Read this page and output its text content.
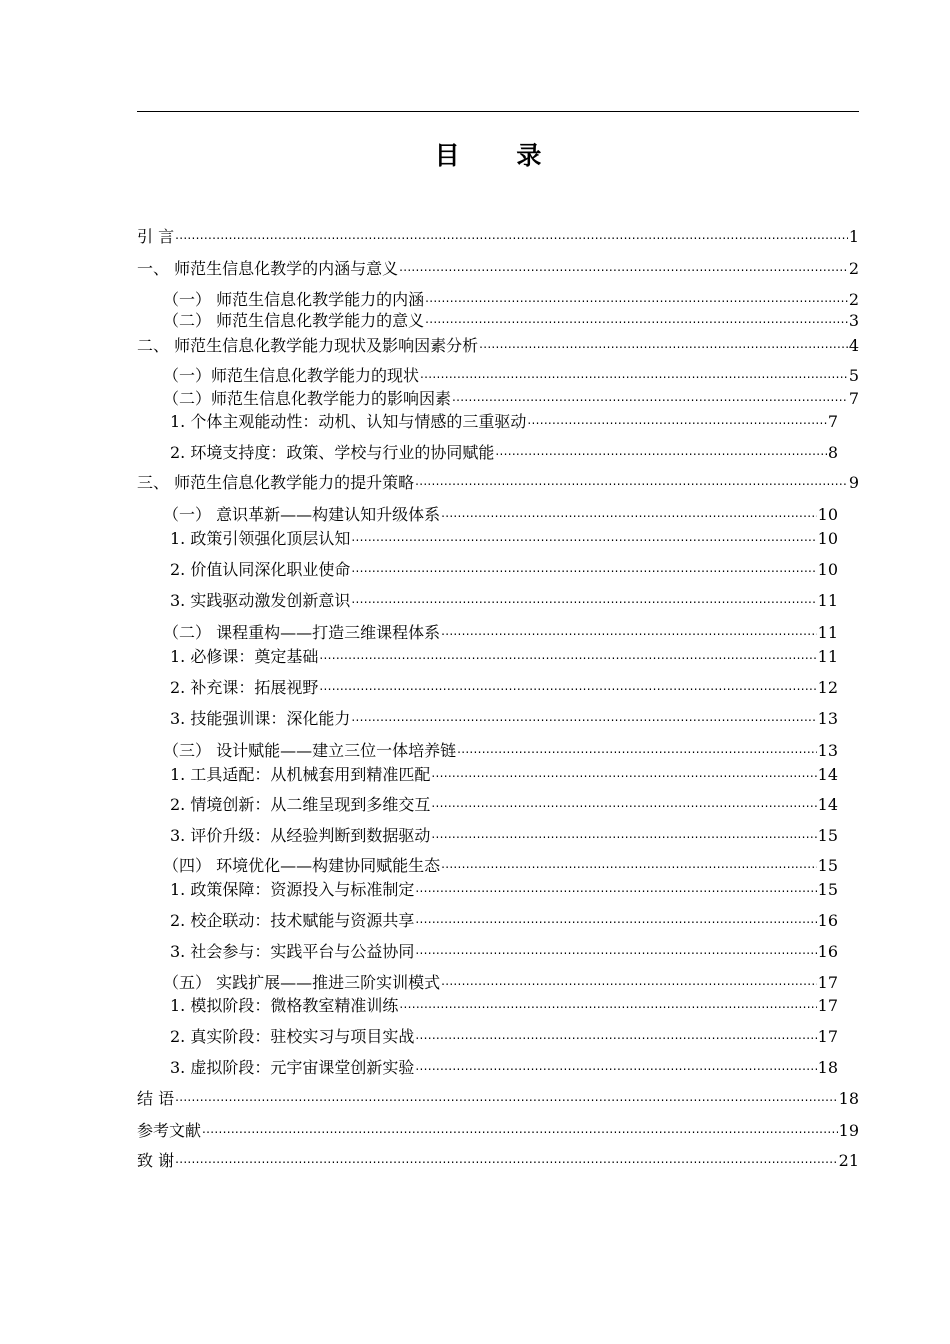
目 录
引 言 .....	1
一、 师范生信息化教学的内涵与意义 .....	2
（一） 师范生信息化教学能力的内涵 .....	2
（二） 师范生信息化教学能力的意义 .....	3
二、 师范生信息化教学能力现状及影响因素分析 .....	4
（一）师范生信息化教学能力的现状 .....	5
（二）师范生信息化教学能力的影响因素 .....	7
1. 个体主观能动性：动机、认知与情感的三重驱动 .....	7
2. 环境支持度：政策、学校与行业的协同赋能 .....	8
三、 师范生信息化教学能力的提升策略 .....	9
（一） 意识革新——构建认知升级体系 .....	10
1. 政策引领强化顶层认知 .....	10
2. 价值认同深化职业使命 .....	10
3. 实践驱动激发创新意识 .....	11
（二） 课程重构——打造三维课程体系 .....	11
1. 必修课：奠定基础 .....	11
2. 补充课：拓展视野 .....	12
3. 技能强训课：深化能力 .....	13
（三） 设计赋能——建立三位一体培养链 .....	13
1. 工具适配：从机械套用到精准匹配 .....	14
2. 情境创新：从二维呈现到多维交互 .....	14
3. 评价升级：从经验判断到数据驱动 .....	15
（四） 环境优化——构建协同赋能生态 .....	15
1. 政策保障：资源投入与标准制定 .....	15
2. 校企联动：技术赋能与资源共享 .....	16
3. 社会参与：实践平台与公益协同 .....	16
（五） 实践扩展——推进三阶实训模式 .....	17
1. 模拟阶段：微格教室精准训练 .....	17
2. 真实阶段：驻校实习与项目实战 .....	17
3. 虚拟阶段：元宇宙课堂创新实验 .....	18
结 语 .....	18
参考文献 .....	19
致 谢 .....	21
